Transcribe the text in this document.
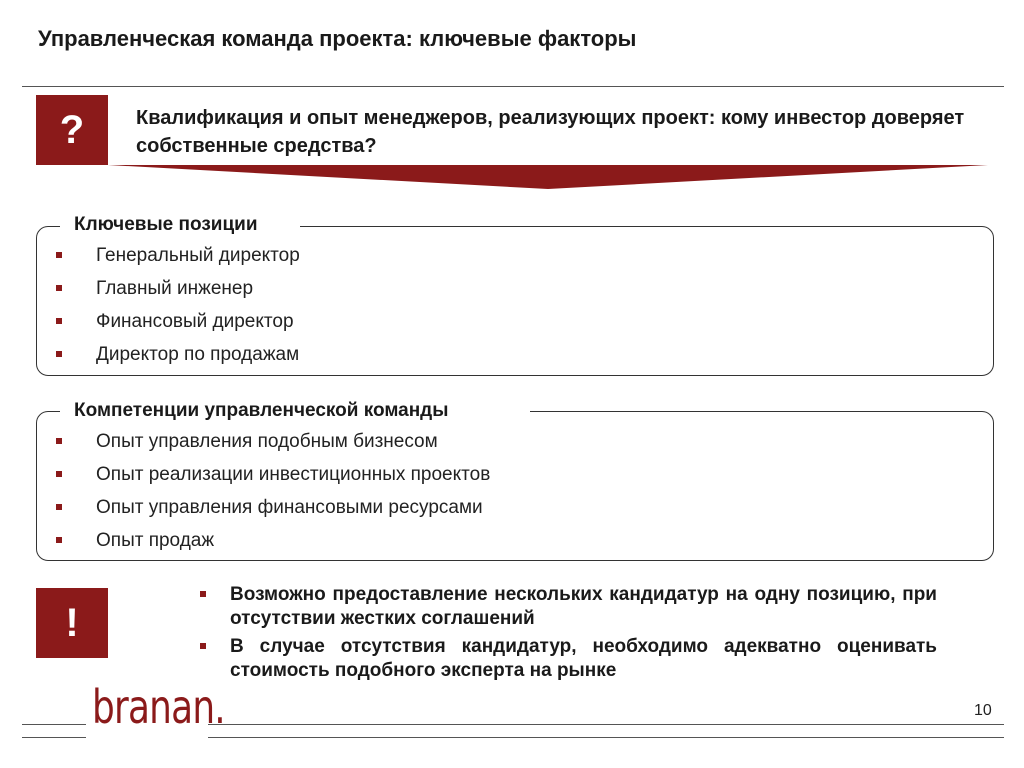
Управленческая команда проекта: ключевые факторы
?	Квалификация и опыт менеджеров, реализующих проект: кому инвестор доверяет собственные средства?
Ключевые позиции
Генеральный директор
Главный инженер
Финансовый директор
Директор по продажам
Компетенции управленческой команды
Опыт управления подобным бизнесом
Опыт реализации инвестиционных проектов
Опыт управления финансовыми ресурсами
Опыт продаж
!
Возможно предоставление нескольких кандидатур на одну позицию, при отсутствии жестких соглашений
В случае отсутствия кандидатур, необходимо адекватно оценивать стоимость подобного эксперта на рынке
branan.	10
